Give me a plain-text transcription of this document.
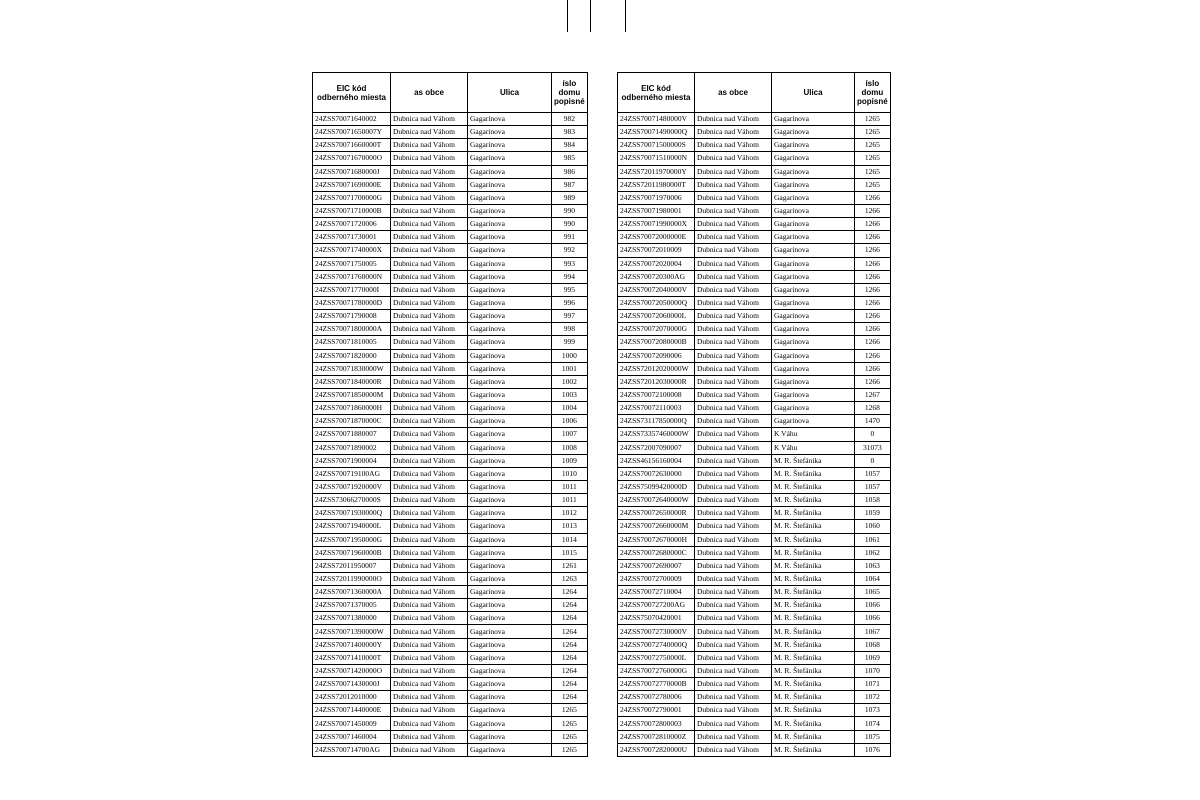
EIC kód odberného miesta	as obce	Ulica	íslo domu popisné
24ZSS70071640002	Dubnica nad Váhom	Gagarinova	982
24ZSS70071650007Y	Dubnica nad Váhom	Gagarinova	983
24ZSS70071660000T	Dubnica nad Váhom	Gagarinova	984
24ZSS70071670000O	Dubnica nad Váhom	Gagarinova	985
24ZSS70071680000J	Dubnica nad Váhom	Gagarinova	986
24ZSS70071690000E	Dubnica nad Váhom	Gagarinova	987
24ZSS70071700000G	Dubnica nad Váhom	Gagarinova	989
24ZSS70071710000B	Dubnica nad Váhom	Gagarinova	990
24ZSS70071720006	Dubnica nad Váhom	Gagarinova	990
24ZSS70071730001	Dubnica nad Váhom	Gagarinova	991
24ZSS70071740000X	Dubnica nad Váhom	Gagarinova	992
24ZSS70071750005	Dubnica nad Váhom	Gagarinova	993
24ZSS70071760000N	Dubnica nad Váhom	Gagarinova	994
24ZSS70071770000I	Dubnica nad Váhom	Gagarinova	995
24ZSS70071780000D	Dubnica nad Váhom	Gagarinova	996
24ZSS70071790008	Dubnica nad Váhom	Gagarinova	997
24ZSS70071800000A	Dubnica nad Váhom	Gagarinova	998
24ZSS70071810005	Dubnica nad Váhom	Gagarinova	999
24ZSS70071820000	Dubnica nad Váhom	Gagarinova	1000
24ZSS70071830000W	Dubnica nad Váhom	Gagarinova	1001
24ZSS70071840000R	Dubnica nad Váhom	Gagarinova	1002
24ZSS70071850000M	Dubnica nad Váhom	Gagarinova	1003
24ZSS70071860000H	Dubnica nad Váhom	Gagarinova	1004
24ZSS70071870000C	Dubnica nad Váhom	Gagarinova	1006
24ZSS70071880007	Dubnica nad Váhom	Gagarinova	1007
24ZSS70071890002	Dubnica nad Váhom	Gagarinova	1008
24ZSS70071900004	Dubnica nad Váhom	Gagarinova	1009
24ZSS700719100AG	Dubnica nad Váhom	Gagarinova	1010
24ZSS70071920000V	Dubnica nad Váhom	Gagarinova	1011
24ZSS73066270000S	Dubnica nad Váhom	Gagarinova	1011
24ZSS70071930000Q	Dubnica nad Váhom	Gagarinova	1012
24ZSS70071940000L	Dubnica nad Váhom	Gagarinova	1013
24ZSS70071950000G	Dubnica nad Váhom	Gagarinova	1014
24ZSS70071960000B	Dubnica nad Váhom	Gagarinova	1015
24ZSS72011950007	Dubnica nad Váhom	Gagarinova	1261
24ZSS72011990000O	Dubnica nad Váhom	Gagarinova	1263
24ZSS70071360000A	Dubnica nad Váhom	Gagarinova	1264
24ZSS70071370005	Dubnica nad Váhom	Gagarinova	1264
24ZSS70071380000	Dubnica nad Váhom	Gagarinova	1264
24ZSS70071390000W	Dubnica nad Váhom	Gagarinova	1264
24ZSS70071400000Y	Dubnica nad Váhom	Gagarinova	1264
24ZSS70071410000T	Dubnica nad Váhom	Gagarinova	1264
24ZSS70071420000O	Dubnica nad Váhom	Gagarinova	1264
24ZSS70071430000J	Dubnica nad Váhom	Gagarinova	1264
24ZSS72012010000	Dubnica nad Váhom	Gagarinova	1264
24ZSS70071440000E	Dubnica nad Váhom	Gagarinova	1265
24ZSS70071450009	Dubnica nad Váhom	Gagarinova	1265
24ZSS70071460004	Dubnica nad Váhom	Gagarinova	1265
24ZSS700714700AG	Dubnica nad Váhom	Gagarinova	1265
EIC kód odberného miesta	as obce	Ulica	íslo domu popisné
24ZSS70071480000V	Dubnica nad Váhom	Gagarinova	1265
24ZSS70071490000Q	Dubnica nad Váhom	Gagarinova	1265
24ZSS70071500000S	Dubnica nad Váhom	Gagarinova	1265
24ZSS70071510000N	Dubnica nad Váhom	Gagarinova	1265
24ZSS72011970000Y	Dubnica nad Váhom	Gagarinova	1265
24ZSS72011980000T	Dubnica nad Váhom	Gagarinova	1265
24ZSS70071970006	Dubnica nad Váhom	Gagarinova	1266
24ZSS70071980001	Dubnica nad Váhom	Gagarinova	1266
24ZSS70071990000X	Dubnica nad Váhom	Gagarinova	1266
24ZSS70072000000E	Dubnica nad Váhom	Gagarinova	1266
24ZSS70072010009	Dubnica nad Váhom	Gagarinova	1266
24ZSS70072020004	Dubnica nad Váhom	Gagarinova	1266
24ZSS700720300AG	Dubnica nad Váhom	Gagarinova	1266
24ZSS70072040000V	Dubnica nad Váhom	Gagarinova	1266
24ZSS70072050000Q	Dubnica nad Váhom	Gagarinova	1266
24ZSS70072060000L	Dubnica nad Váhom	Gagarinova	1266
24ZSS70072070000G	Dubnica nad Váhom	Gagarinova	1266
24ZSS70072080000B	Dubnica nad Váhom	Gagarinova	1266
24ZSS70072090006	Dubnica nad Váhom	Gagarinova	1266
24ZSS72012020000W	Dubnica nad Váhom	Gagarinova	1266
24ZSS72012030000R	Dubnica nad Váhom	Gagarinova	1266
24ZSS70072100008	Dubnica nad Váhom	Gagarinova	1267
24ZSS70072110003	Dubnica nad Váhom	Gagarinova	1268
24ZSS73117850000Q	Dubnica nad Váhom	Gagarinova	1470
24ZSS73357460000W	Dubnica nad Váhom	K Váhu	0
24ZSS72007090007	Dubnica nad Váhom	K Váhu	31073
24ZSS46156160004	Dubnica nad Váhom	M. R. Štefánika	0
24ZSS70072630000	Dubnica nad Váhom	M. R. Štefánika	1057
24ZSS75099420000D	Dubnica nad Váhom	M. R. Štefánika	1057
24ZSS70072640000W	Dubnica nad Váhom	M. R. Štefánika	1058
24ZSS70072650000R	Dubnica nad Váhom	M. R. Štefánika	1059
24ZSS70072660000M	Dubnica nad Váhom	M. R. Štefánika	1060
24ZSS70072670000H	Dubnica nad Váhom	M. R. Štefánika	1061
24ZSS70072680000C	Dubnica nad Váhom	M. R. Štefánika	1062
24ZSS70072690007	Dubnica nad Váhom	M. R. Štefánika	1063
24ZSS70072700009	Dubnica nad Váhom	M. R. Štefánika	1064
24ZSS70072710004	Dubnica nad Váhom	M. R. Štefánika	1065
24ZSS700727200AG	Dubnica nad Váhom	M. R. Štefánika	1066
24ZSS75070420001	Dubnica nad Váhom	M. R. Štefánika	1066
24ZSS70072730000V	Dubnica nad Váhom	M. R. Štefánika	1067
24ZSS70072740000Q	Dubnica nad Váhom	M. R. Štefánika	1068
24ZSS70072750000L	Dubnica nad Váhom	M. R. Štefánika	1069
24ZSS70072760000G	Dubnica nad Váhom	M. R. Štefánika	1070
24ZSS70072770000B	Dubnica nad Váhom	M. R. Štefánika	1071
24ZSS70072780006	Dubnica nad Váhom	M. R. Štefánika	1072
24ZSS70072790001	Dubnica nad Váhom	M. R. Štefánika	1073
24ZSS70072800003	Dubnica nad Váhom	M. R. Štefánika	1074
24ZSS70072810000Z	Dubnica nad Váhom	M. R. Štefánika	1075
24ZSS70072820000U	Dubnica nad Váhom	M. R. Štefánika	1076
